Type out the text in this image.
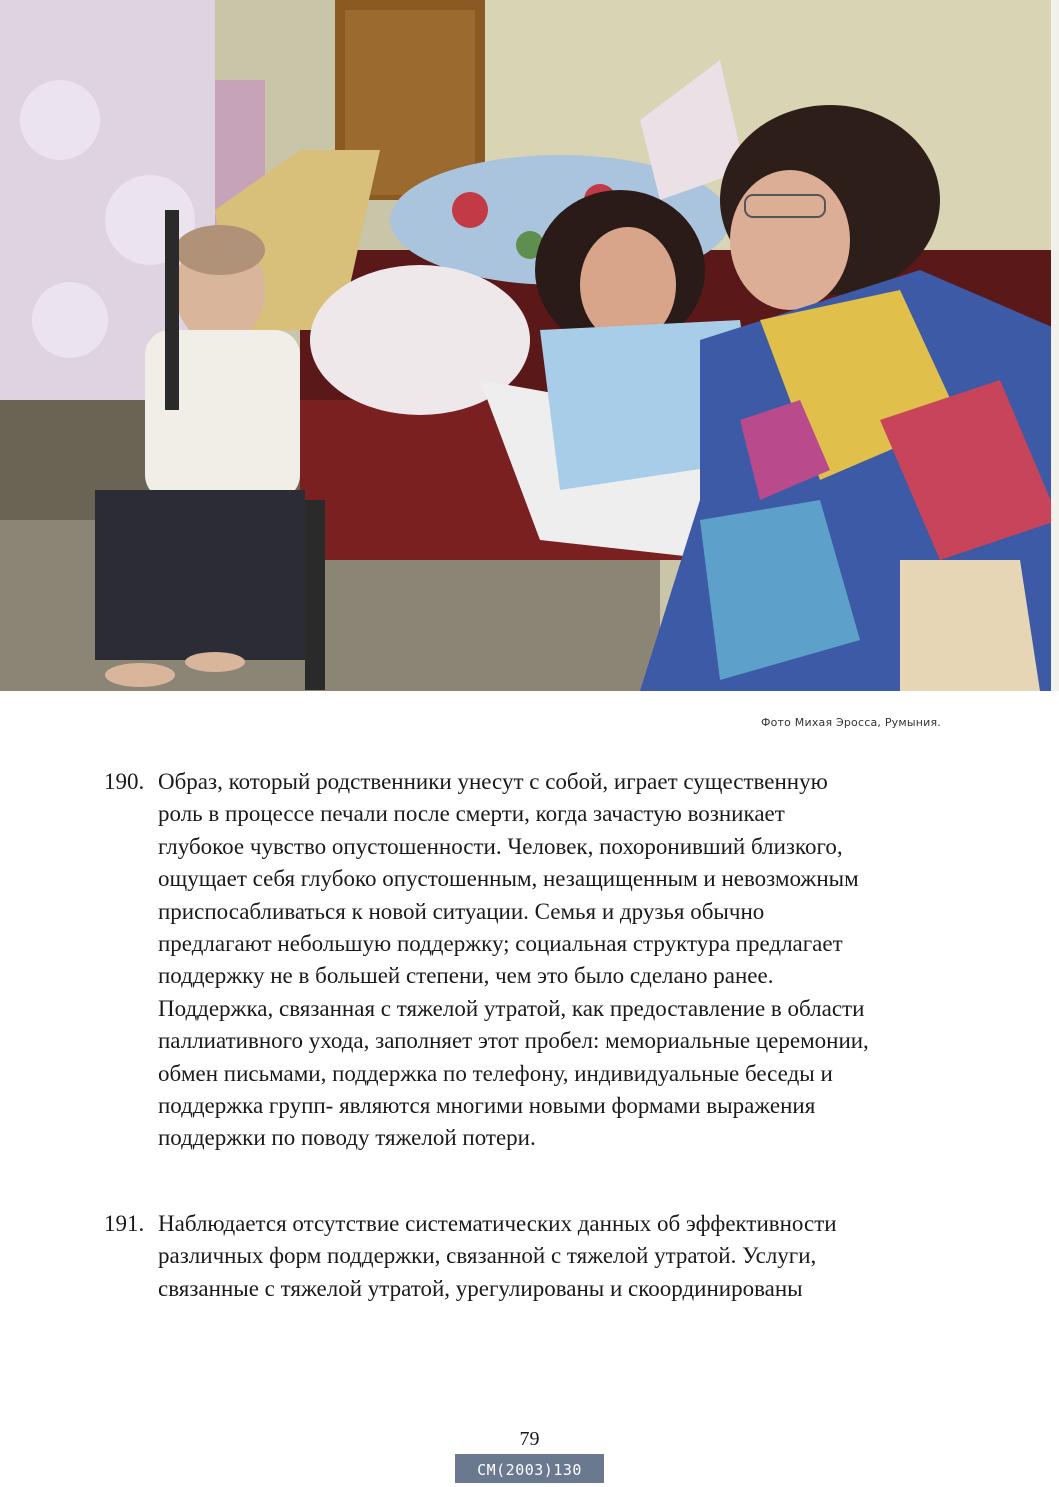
Фото Михая Эросса, Румыния.
190. Образ, который родственники унесут с собой, играет существенную
роль в процессе печали после смерти, когда зачастую возникает
глубокое чувство опустошенности. Человек, похоронивший близкого,
ощущает себя глубоко опустошенным, незащищенным и невозможным
приспосабливаться к новой ситуации. Семья и друзья обычно
предлагают небольшую поддержку; социальная структура предлагает
поддержку не в большей степени, чем это было сделано ранее.
Поддержка, связанная с тяжелой утратой, как предоставление в области
паллиативного ухода, заполняет этот пробел: мемориальные церемонии,
обмен письмами, поддержка по телефону, индивидуальные беседы и
поддержка групп- являются многими новыми формами выражения
поддержки по поводу тяжелой потери.
191. Наблюдается отсутствие систематических данных об эффективности
различных форм поддержки, связанной с тяжелой утратой. Услуги,
связанные с тяжелой утратой, урегулированы и скоординированы
79
CM(2003)130
